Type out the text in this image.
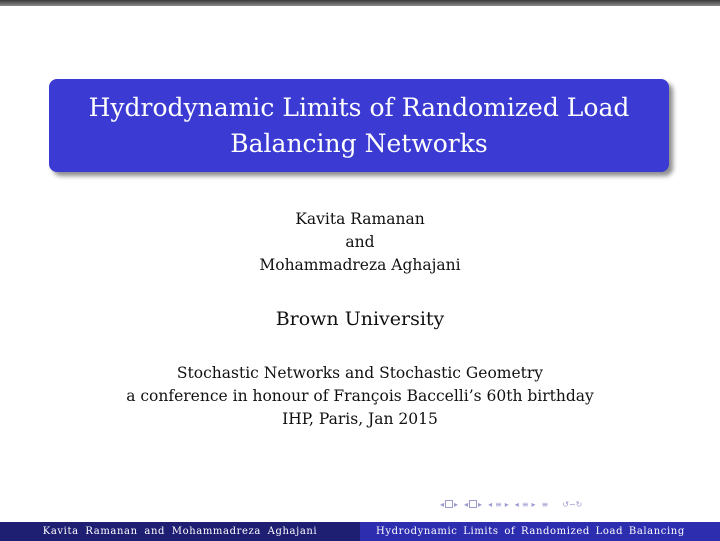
Hydrodynamic Limits of Randomized Load
Balancing Networks
Kavita Ramanan
and
Mohammadreza Aghajani
Brown University
Stochastic Networks and Stochastic Geometry
a conference in honour of François Baccelli’s 60th birthday
IHP, Paris, Jan 2015
◂ ▸ ◂ ▸ ◂ ≡ ▸ ◂ ≡ ▸ ≡ ↺∽↻
Kavita Ramanan and Mohammadreza Aghajani	Hydrodynamic Limits of Randomized Load Balancing
